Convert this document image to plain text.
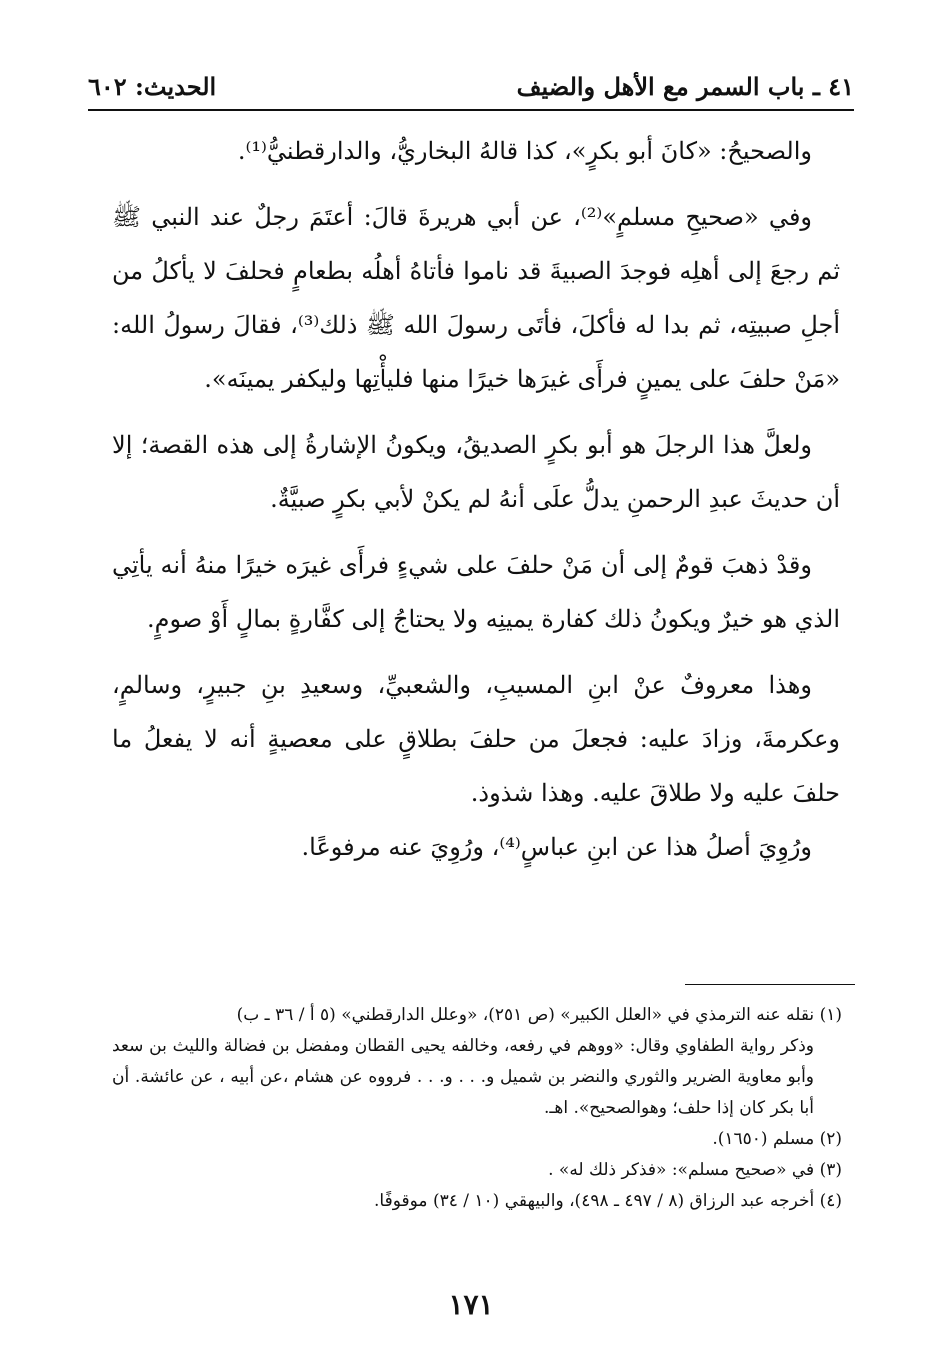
٤١ ـ باب السمر مع الأهل والضيف
الحديث: ٦٠٢

والصحيحُ: «كانَ أبو بكرٍ»، كذا قالهُ البخاريُّ، والدارقطنيُّ⁽¹⁾.

وفي «صحيحِ مسلمٍ»⁽²⁾، عن أبي هريرةَ قالَ: أعتَمَ رجلٌ عند النبي ﷺ ثم رجعَ إلى أهلِه فوجدَ الصبيةَ قد ناموا فأتاهُ أهلُه بطعامٍ فحلفَ لا يأكلُ من أجلِ صبيتِه، ثم بدا له فأكلَ، فأتَى رسولَ الله ﷺ ذلك⁽³⁾، فقالَ رسولُ الله: «مَنْ حلفَ على يمينٍ فرأَى غيرَها خيرًا منها فليأْتِها وليكفر يمينَه».

ولعلَّ هذا الرجلَ هو أبو بكرٍ الصديقُ، ويكونُ الإشارةُ إلى هذه القصة؛ إلا أن حديثَ عبدِ الرحمنِ يدلُّ علَى أنهُ لم يكنْ لأبي بكرٍ صبيَّةٌ.

وقدْ ذهبَ قومٌ إلى أن مَنْ حلفَ على شيءٍ فرأَى غيرَه خيرًا منهُ أنه يأتِي الذي هو خيرٌ ويكونُ ذلك كفارة يمينِه ولا يحتاجُ إلى كفَّارةٍ بمالٍ أَوْ صومٍ.

وهذا معروفٌ عنْ ابنِ المسيبِ، والشعبيِّ، وسعيدِ بنِ جبيرٍ، وسالمٍ، وعكرمةَ، وزادَ عليه: فجعلَ من حلفَ بطلاقٍ على معصيةٍ أنه لا يفعلُ ما حلفَ عليه ولا طلاقَ عليه. وهذا شذوذ.

ورُوِيَ أصلُ هذا عن ابنِ عباسٍ⁽⁴⁾، ورُوِيَ عنه مرفوعًا.

(١) نقله عنه الترمذي في «العلل الكبير» (ص ٢٥١)، «وعلل الدارقطني» (٥ أ / ٣٦ ـ ب)

وذكر رواية الطفاوي وقال: «ووهم في رفعه، وخالفه يحيى القطان ومفضل بن فضالة والليث بن سعد وأبو معاوية الضرير والثوري والنضر بن شميل و. . . و. . . فرووه عن هشام ،عن أبيه ، عن عائشة. أن أبا بكر كان إذا حلف؛ وهوالصحيح». اهـ.

(٢) مسلم (١٦٥٠).

(٣) في «صحيح مسلم»: «فذكر ذلك له» .

(٤) أخرجه عبد الرزاق (٨ / ٤٩٧ ـ ٤٩٨)، والبيهقي (١٠ / ٣٤) موقوفًا.

١٧١
